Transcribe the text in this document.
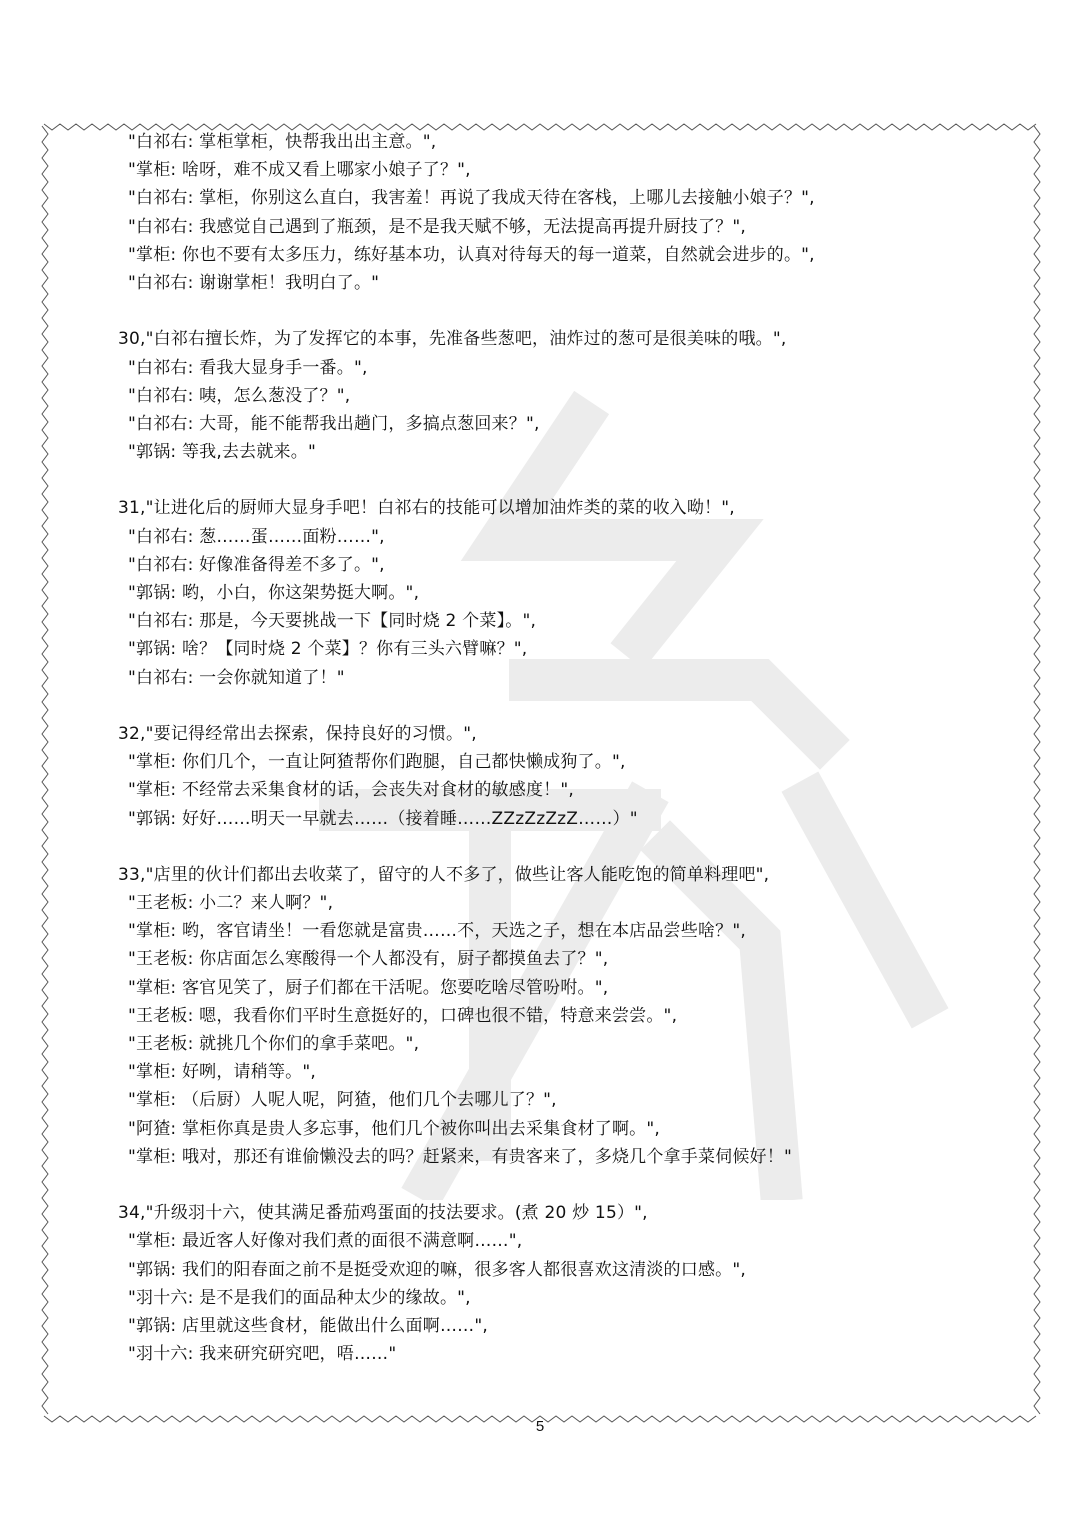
"白祁右: 掌柜掌柜，快帮我出出主意。",
"掌柜: 啥呀，难不成又看上哪家小娘子了？",
"白祁右: 掌柜，你别这么直白，我害羞！再说了我成天待在客栈，上哪儿去接触小娘子？",
"白祁右: 我感觉自己遇到了瓶颈，是不是我天赋不够，无法提高再提升厨技了？",
"掌柜: 你也不要有太多压力，练好基本功，认真对待每天的每一道菜，自然就会进步的。",
"白祁右: 谢谢掌柜！我明白了。"
30,"白祁右擅长炸，为了发挥它的本事，先准备些葱吧，油炸过的葱可是很美味的哦。",
"白祁右: 看我大显身手一番。",
"白祁右: 咦，怎么葱没了？",
"白祁右: 大哥，能不能帮我出趟门，多搞点葱回来？",
"郭锅: 等我,去去就来。"
31,"让进化后的厨师大显身手吧！白祁右的技能可以增加油炸类的菜的收入呦！",
"白祁右: 葱……蛋……面粉……",
"白祁右: 好像准备得差不多了。",
"郭锅: 哟，小白，你这架势挺大啊。",
"白祁右: 那是，今天要挑战一下【同时烧 2 个菜】。",
"郭锅: 啥？【同时烧 2 个菜】？你有三头六臂嘛？",
"白祁右: 一会你就知道了！"
32,"要记得经常出去探索，保持良好的习惯。",
"掌柜: 你们几个，一直让阿猹帮你们跑腿，自己都快懒成狗了。",
"掌柜: 不经常去采集食材的话，会丧失对食材的敏感度！",
"郭锅: 好好……明天一早就去……（接着睡……ZZzZzZzZ……）"
33,"店里的伙计们都出去收菜了，留守的人不多了，做些让客人能吃饱的简单料理吧",
"王老板: 小二？来人啊？",
"掌柜: 哟，客官请坐！一看您就是富贵……不，天选之子，想在本店品尝些啥？",
"王老板: 你店面怎么寒酸得一个人都没有，厨子都摸鱼去了？",
"掌柜: 客官见笑了，厨子们都在干活呢。您要吃啥尽管吩咐。",
"王老板: 嗯，我看你们平时生意挺好的，口碑也很不错，特意来尝尝。",
"王老板: 就挑几个你们的拿手菜吧。",
"掌柜: 好咧，请稍等。",
"掌柜: （后厨）人呢人呢，阿猹，他们几个去哪儿了？",
"阿猹: 掌柜你真是贵人多忘事，他们几个被你叫出去采集食材了啊。",
"掌柜: 哦对，那还有谁偷懒没去的吗？赶紧来，有贵客来了，多烧几个拿手菜伺候好！"
34,"升级羽十六，使其满足番茄鸡蛋面的技法要求。(煮 20 炒 15）",
"掌柜: 最近客人好像对我们煮的面很不满意啊……",
"郭锅: 我们的阳春面之前不是挺受欢迎的嘛，很多客人都很喜欢这清淡的口感。",
"羽十六: 是不是我们的面品种太少的缘故。",
"郭锅: 店里就这些食材，能做出什么面啊……",
"羽十六: 我来研究研究吧，唔……"
5
